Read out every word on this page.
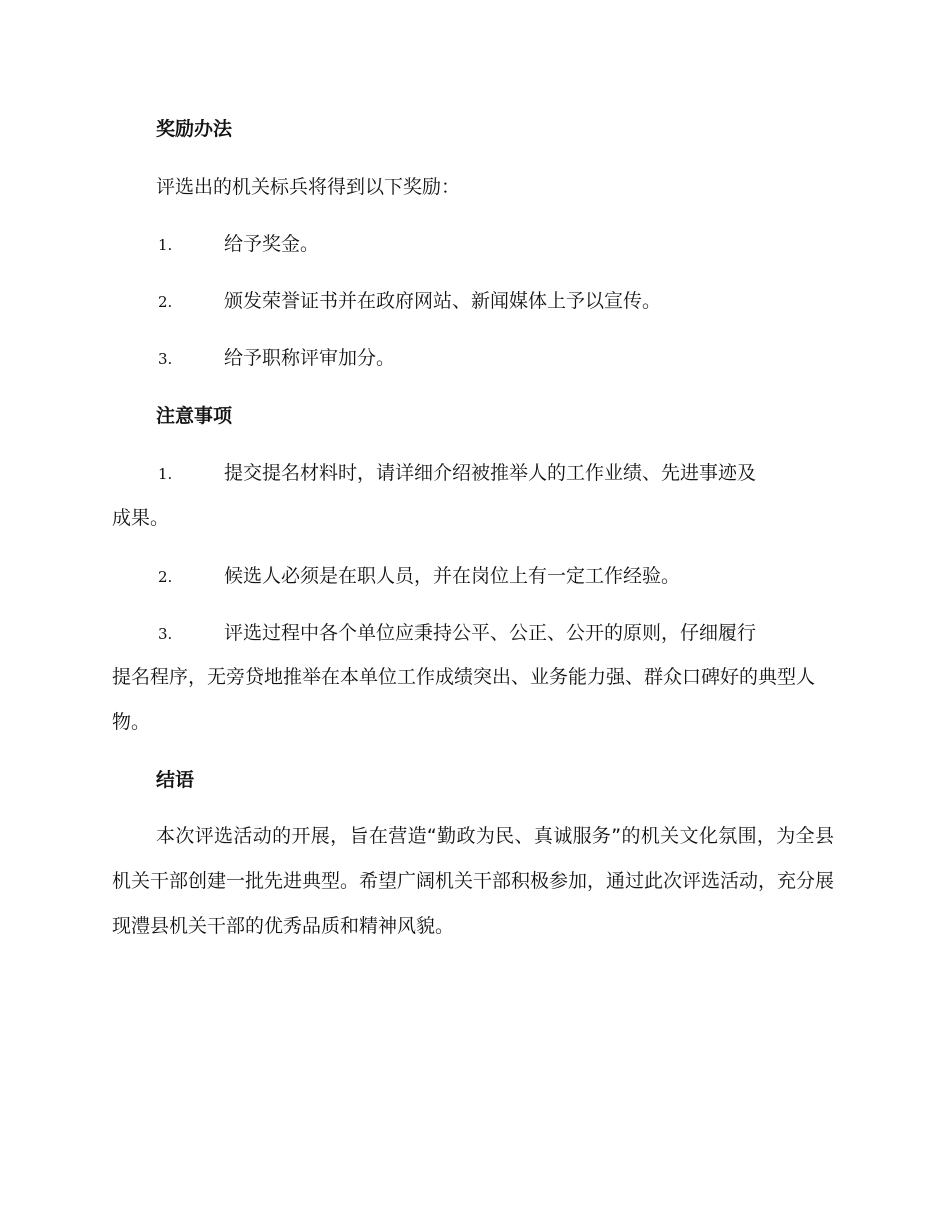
奖励办法
评选出的机关标兵将得到以下奖励：
1.	给予奖金。
2.	颁发荣誉证书并在政府网站、新闻媒体上予以宣传。
3.	给予职称评审加分。
注意事项
1.	提交提名材料时，请详细介绍被推举人的工作业绩、先进事迹及
成果。
2.	候选人必须是在职人员，并在岗位上有一定工作经验。
3.	评选过程中各个单位应秉持公平、公正、公开的原则，仔细履行
提名程序，无旁贷地推举在本单位工作成绩突出、业务能力强、群众口碑好的典型人物。
结语
本次评选活动的开展，旨在营造“勤政为民、真诚服务”的机关文化氛围，为全县机关干部创建一批先进典型。希望广阔机关干部积极参加，通过此次评选活动，充分展现澧县机关干部的优秀品质和精神风貌。
